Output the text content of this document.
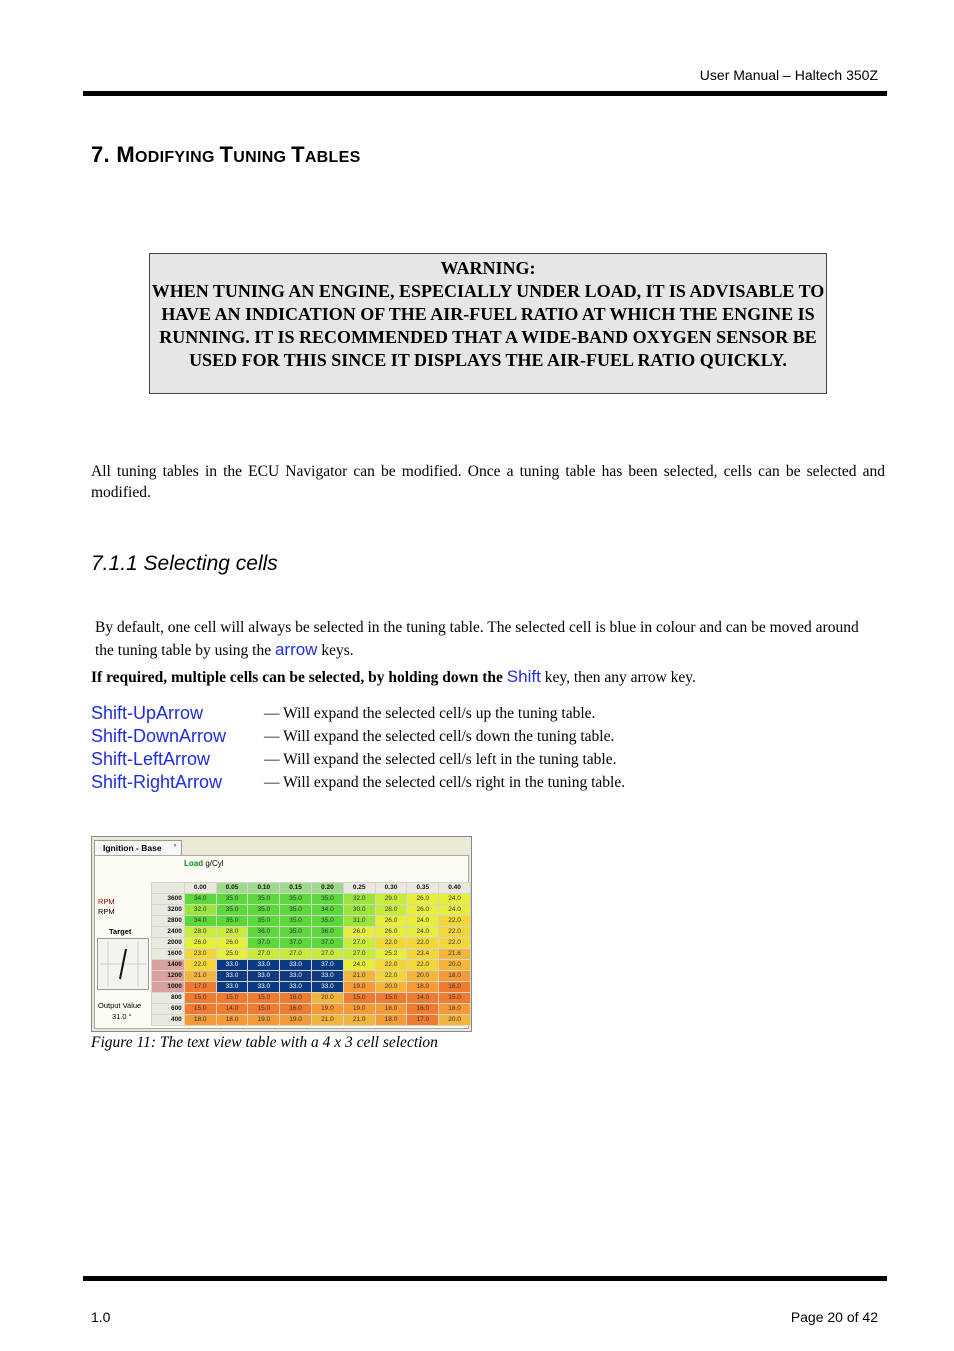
User Manual – Haltech 350Z
7. MODIFYING TUNING TABLES
WARNING:
WHEN TUNING AN ENGINE, ESPECIALLY UNDER LOAD, IT IS ADVISABLE TO HAVE AN INDICATION OF THE AIR-FUEL RATIO AT WHICH THE ENGINE IS RUNNING. IT IS RECOMMENDED THAT A WIDE-BAND OXYGEN SENSOR BE USED FOR THIS SINCE IT DISPLAYS THE AIR-FUEL RATIO QUICKLY.
All tuning tables in the ECU Navigator can be modified. Once a tuning table has been selected, cells can be selected and modified.
7.1.1 Selecting cells
By default, one cell will always be selected in the tuning table. The selected cell is blue in colour and can be moved around the tuning table by using the arrow keys.
If required, multiple cells can be selected, by holding down the Shift key, then any arrow key.
Shift-UpArrow	— Will expand the selected cell/s up the tuning table.
Shift-DownArrow — Will expand the selected cell/s down the tuning table.
Shift-LeftArrow	— Will expand the selected cell/s left in the tuning table.
Shift-RightArrow	— Will expand the selected cell/s right in the tuning table.
Ignition - Base	°
Load g/Cyl
RPM
RPM
Target
Output Value
31.0 °
	0.00	0.05	0.10	0.15	0.20	0.25	0.30	0.35	0.40
3600	34.0	35.0	35.0	35.0	35.0	32.0	29.0	26.0	24.0
3200	32.0	35.0	35.0	35.0	34.0	30.0	28.0	26.0	24.0
2800	34.0	35.0	35.0	35.0	35.0	31.0	26.0	24.0	22.0
2400	28.0	28.0	36.0	35.0	36.0	26.0	26.0	24.0	22.0
2000	26.0	26.0	37.0	37.0	37.0	27.0	22.0	22.0	22.0
1600	23.0	25.0	27.0	27.0	27.0	27.0	25.2	23.4	21.6
1400	22.0	33.0	33.0	33.0	37.0	24.0	22.0	22.0	20.0
1200	21.0	33.0	33.0	33.0	33.0	21.0	22.0	20.0	18.0
1000	17.0	33.0	33.0	33.0	33.0	19.0	20.0	18.0	16.0
800	15.0	15.0	15.0	16.0	20.0	15.0	15.0	14.0	15.0
600	15.0	14.0	15.0	16.0	19.0	19.0	18.0	16.0	18.0
400	18.0	18.0	19.0	19.0	21.0	21.0	18.0	17.0	20.0
Figure 11: The text view table with a 4 x 3 cell selection
1.0	Page 20 of 42
